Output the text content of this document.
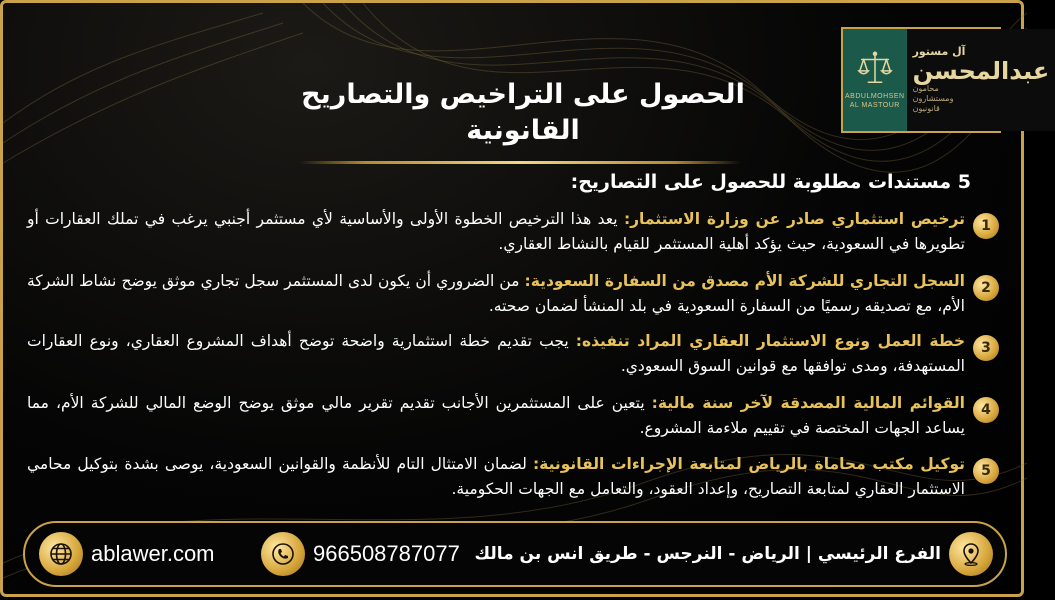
ABDULMOHSEN
AL MASTOUR
آل مستور
عبدالمحسن
محامون
ومستشارون
قانونيون
الحصول على التراخيص والتصاريح
القانونية
5 مستندات مطلوبة للحصول على التصاريح:
1
ترخيص استثماري صادر عن وزارة الاستثمار: يعد هذا الترخيص الخطوة الأولى والأساسية لأي مستثمر أجنبي يرغب في تملك العقارات أو تطويرها في السعودية، حيث يؤكد أهلية المستثمر للقيام بالنشاط العقاري.
2
السجل التجاري للشركة الأم مصدق من السفارة السعودية: من الضروري أن يكون لدى المستثمر سجل تجاري موثق يوضح نشاط الشركة الأم، مع تصديقه رسميًا من السفارة السعودية في بلد المنشأ لضمان صحته.
3
خطة العمل ونوع الاستثمار العقاري المراد تنفيذه: يجب تقديم خطة استثمارية واضحة توضح أهداف المشروع العقاري، ونوع العقارات المستهدفة، ومدى توافقها مع قوانين السوق السعودي.
4
القوائم المالية المصدقة لآخر سنة مالية: يتعين على المستثمرين الأجانب تقديم تقرير مالي موثق يوضح الوضع المالي للشركة الأم، مما يساعد الجهات المختصة في تقييم ملاءمة المشروع.
5
توكيل مكتب محاماة بالرياض لمتابعة الإجراءات القانونية: لضمان الامتثال التام للأنظمة والقوانين السعودية، يوصى بشدة بتوكيل محامي الاستثمار العقاري لمتابعة التصاريح، وإعداد العقود، والتعامل مع الجهات الحكومية.
ablawer.com	966508787077 الفرع الرئيسي | الرياض - النرجس - طريق انس بن مالك
